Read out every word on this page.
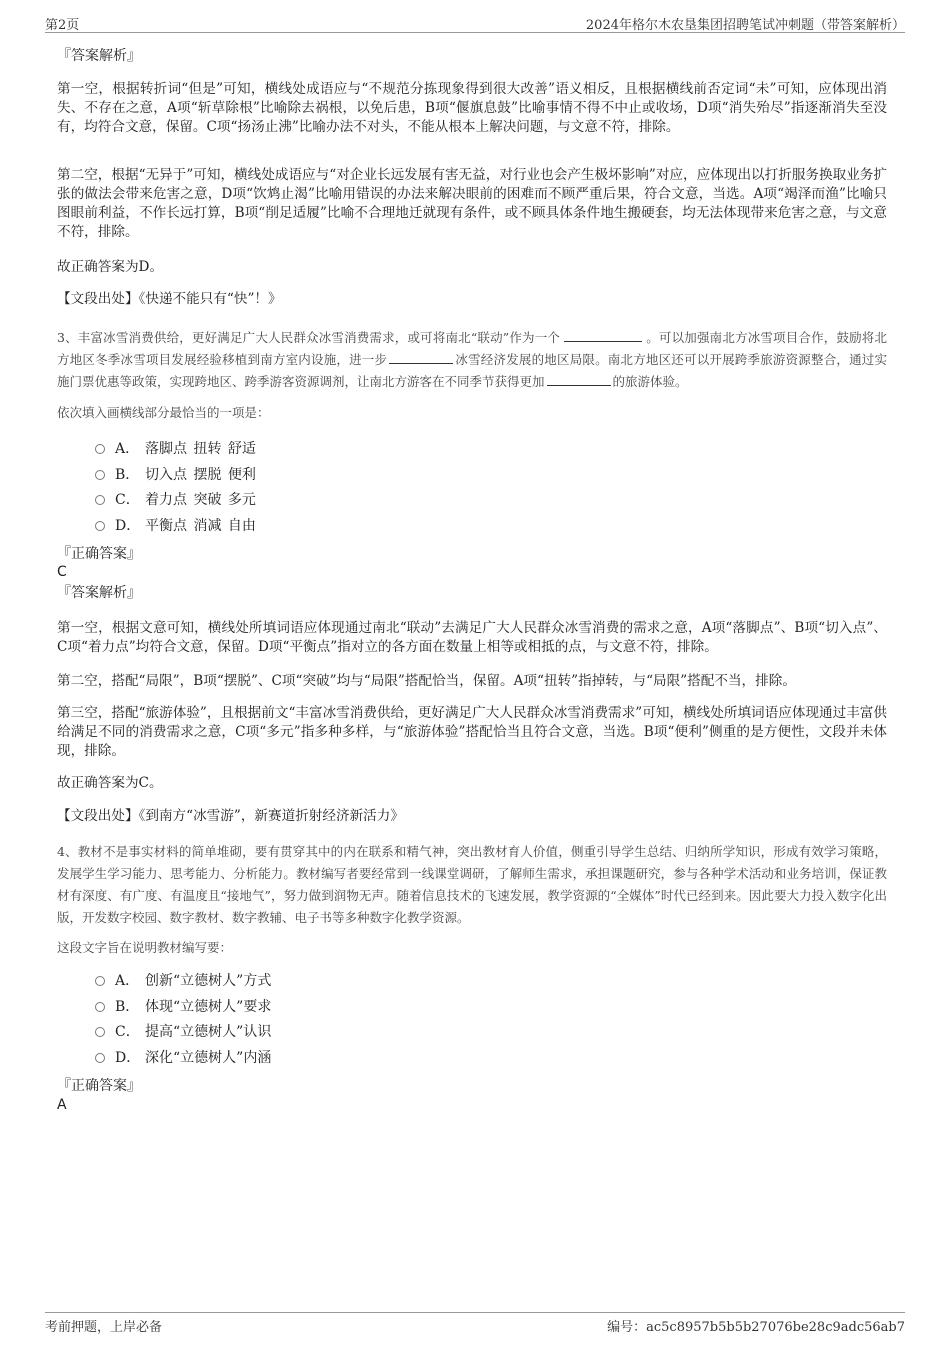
第2页	2024年格尔木农垦集团招聘笔试冲刺题（带答案解析）
『答案解析』

第一空，根据转折词“但是”可知，横线处成语应与“不规范分拣现象得到很大改善”语义相反，且根据横线前否定词“未”可知，应体现出消失、不存在之意，A项“斩草除根”比喻除去祸根，以免后患，B项“偃旗息鼓”比喻事情不得不中止或收场，D项“消失殆尽”指逐渐消失至没有，均符合文意，保留。C项“扬汤止沸”比喻办法不对头，不能从根本上解决问题，与文意不符，排除。

第二空，根据“无异于”可知，横线处成语应与“对企业长远发展有害无益，对行业也会产生极坏影响”对应，应体现出以打折服务换取业务扩张的做法会带来危害之意，D项“饮鸩止渴”比喻用错误的办法来解决眼前的困难而不顾严重后果，符合文意，当选。A项“竭泽而渔”比喻只图眼前利益，不作长远打算，B项“削足适履”比喻不合理地迁就现有条件，或不顾具体条件地生搬硬套，均无法体现带来危害之意，与文意不符，排除。

故正确答案为D。

【文段出处】《快递不能只有“快”！》

3、丰富冰雪消费供给，更好满足广大人民群众冰雪消费需求，或可将南北“联动”作为一个	。可以加强南北方冰雪项目合作，鼓励将北方地区冬季冰雪项目发展经验移植到南方室内设施，进一步	冰雪经济发展的地区局限。南北方地区还可以开展跨季旅游资源整合，通过实施门票优惠等政策，实现跨地区、跨季游客资源调剂，让南北方游客在不同季节获得更加	的旅游体验。

依次填入画横线部分最恰当的一项是：

A． 落脚点 扭转 舒适
B． 切入点 摆脱 便利
C． 着力点 突破 多元
D． 平衡点 消减 自由
『正确答案』
C
『答案解析』

第一空，根据文意可知，横线处所填词语应体现通过南北“联动”去满足广大人民群众冰雪消费的需求之意，A项“落脚点”、B项“切入点”、C项“着力点”均符合文意，保留。D项“平衡点”指对立的各方面在数量上相等或相抵的点，与文意不符，排除。

第二空，搭配“局限”，B项“摆脱”、C项“突破”均与“局限”搭配恰当，保留。A项“扭转”指掉转，与“局限”搭配不当，排除。

第三空，搭配“旅游体验”，且根据前文“丰富冰雪消费供给，更好满足广大人民群众冰雪消费需求”可知，横线处所填词语应体现通过丰富供给满足不同的消费需求之意，C项“多元”指多种多样，与“旅游体验”搭配恰当且符合文意，当选。B项“便利”侧重的是方便性，文段并未体现，排除。

故正确答案为C。

【文段出处】《到南方“冰雪游”，新赛道折射经济新活力》

4、教材不是事实材料的简单堆砌，要有贯穿其中的内在联系和精气神，突出教材育人价值，侧重引导学生总结、归纳所学知识，形成有效学习策略，发展学生学习能力、思考能力、分析能力。教材编写者要经常到一线课堂调研，了解师生需求，承担课题研究，参与各种学术活动和业务培训，保证教材有深度、有广度、有温度且“接地气”，努力做到润物无声。随着信息技术的飞速发展，教学资源的“全媒体”时代已经到来。因此要大力投入数字化出版，开发数字校园、数字教材、数字教辅、电子书等多种数字化教学资源。

这段文字旨在说明教材编写要：

A． 创新“立德树人”方式
B． 体现“立德树人”要求
C． 提高“立德树人”认识
D． 深化“立德树人”内涵
『正确答案』
A
考前押题，上岸必备	编号：ac5c8957b5b5b27076be28c9adc56ab7
